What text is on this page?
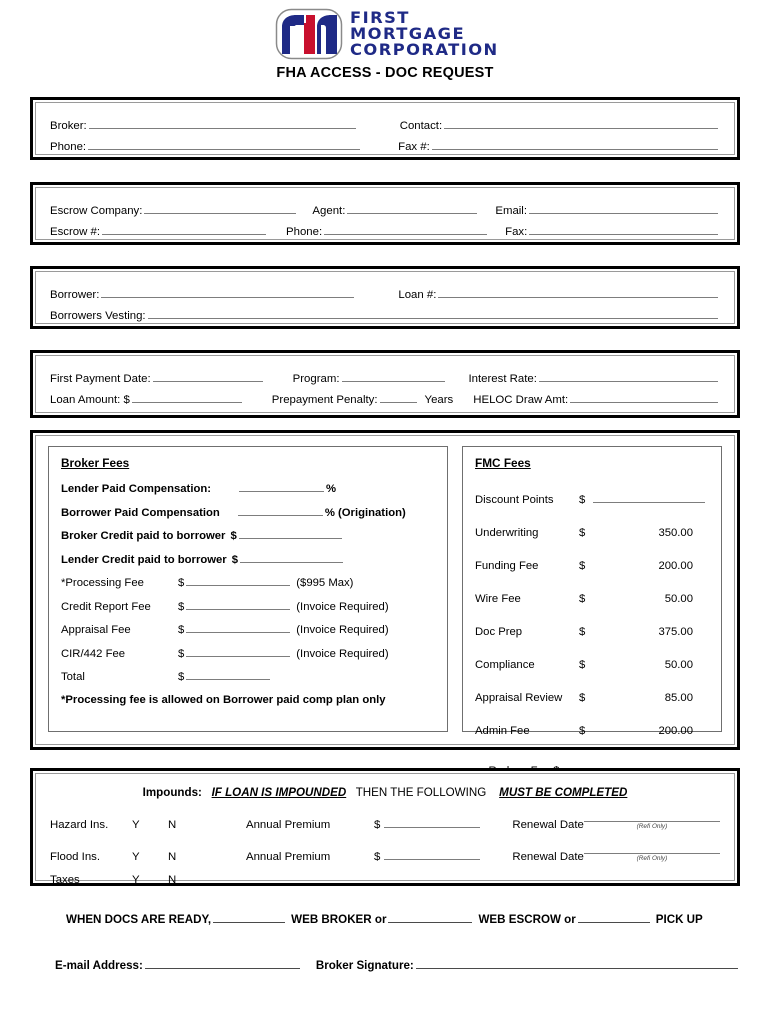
FIRST
MORTGAGE
CORPORATION
FHA ACCESS - DOC REQUEST
Broker:	Contact:
Phone:	Fax #:
Escrow Company:	Agent:	Email:
Escrow #:	Phone:	Fax:
Borrower:	Loan #:
Borrowers Vesting:
First Payment Date:	Program:	Interest Rate:
Loan Amount: $	Prepayment Penalty:	Years HELOC Draw Amt:
Broker Fees
Lender Paid Compensation:	%
Borrower Paid Compensation	% (Origination)
Broker Credit paid to borrower $
Lender Credit paid to borrower $
*Processing Fee	$	($995 Max)
Credit Report Fee	$	(Invoice Required)
Appraisal Fee	$	(Invoice Required)
CIR/442 Fee	$	(Invoice Required)
Total	$
*Processing fee is allowed on Borrower paid comp plan only
FMC Fees
Discount Points	$
Underwriting	$	350.00
Funding Fee	$	200.00
Wire Fee	$	50.00
Doc Prep	$	375.00
Compliance	$	50.00
Appraisal Review	$	85.00
Admin Fee	$	200.00
Impounds: IF LOAN IS IMPOUNDED THEN THE FOLLOWING MUST BE COMPLETED
Hazard Ins.	Y	N	Annual Premium	$	Renewal Date	(Refi Only)
Flood Ins.	Y	N	Annual Premium	$	Renewal Date	(Refi Only)
Taxes	Y	N
WHEN DOCS ARE READY,	WEB BROKER or	WEB ESCROW or	PICK UP
E-mail Address:	Broker Signature:
